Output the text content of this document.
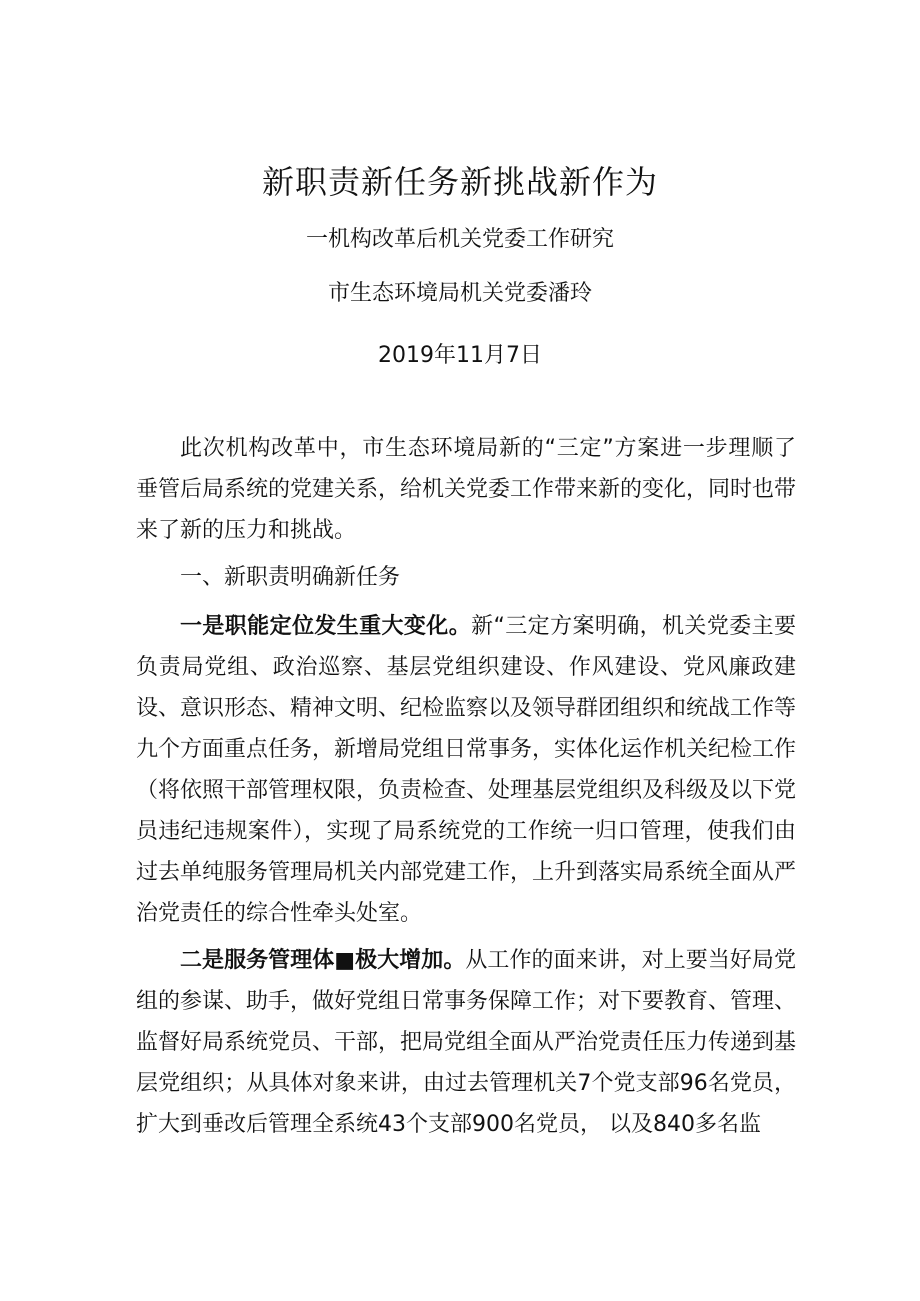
新职责新任务新挑战新作为
一机构改革后机关党委工作研究
市生态环境局机关党委潘玲
2019年11月7日

此次机构改革中，市生态环境局新的“三定”方案进一步理顺了垂管后局系统的党建关系，给机关党委工作带来新的变化，同时也带来了新的压力和挑战。

一、新职责明确新任务

一是职能定位发生重大变化。新“三定方案明确，机关党委主要负责局党组、政治巡察、基层党组织建设、作风建设、党风廉政建设、意识形态、精神文明、纪检监察以及领导群团组织和统战工作等九个方面重点任务，新增局党组日常事务，实体化运作机关纪检工作（将依照干部管理权限，负责检查、处理基层党组织及科级及以下党员违纪违规案件），实现了局系统党的工作统一归口管理，使我们由过去单纯服务管理局机关内部党建工作，上升到落实局系统全面从严治党责任的综合性牵头处室。

二是服务管理体■极大增加。从工作的面来讲，对上要当好局党组的参谋、助手，做好党组日常事务保障工作；对下要教育、管理、监督好局系统党员、干部，把局党组全面从严治党责任压力传递到基层党组织；从具体对象来讲，由过去管理机关7个党支部96名党员，扩大到垂改后管理全系统43个支部900名党员， 以及840多名监
